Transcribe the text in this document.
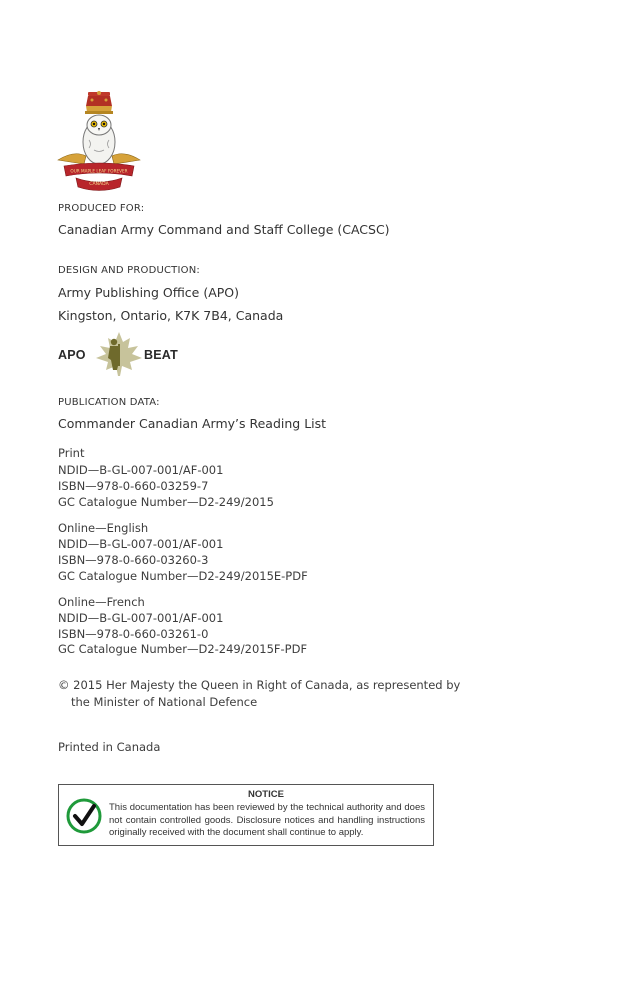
OUR MAPLE LEAF FOREVER
CANADA
PRODUCED FOR:
Canadian Army Command and Staff College (CACSC)
DESIGN AND PRODUCTION:
Army Publishing Office (APO)
Kingston, Ontario, K7K 7B4, Canada
APO	BEAT
PUBLICATION DATA:
Commander Canadian Army’s Reading List
Print
NDID—B-GL-007-001/AF-001
ISBN—978-0-660-03259-7
GC Catalogue Number—D2-249/2015
Online—English
NDID—B-GL-007-001/AF-001
ISBN—978-0-660-03260-3
GC Catalogue Number—D2-249/2015E-PDF
Online—French
NDID—B-GL-007-001/AF-001
ISBN—978-0-660-03261-0
GC Catalogue Number—D2-249/2015F-PDF
© 2015 Her Majesty the Queen in Right of Canada, as represented by
the Minister of National Defence
Printed in Canada
NOTICE
This documentation has been reviewed by the technical authority and does not contain controlled goods. Disclosure notices and handling instructions originally received with the document shall continue to apply.
